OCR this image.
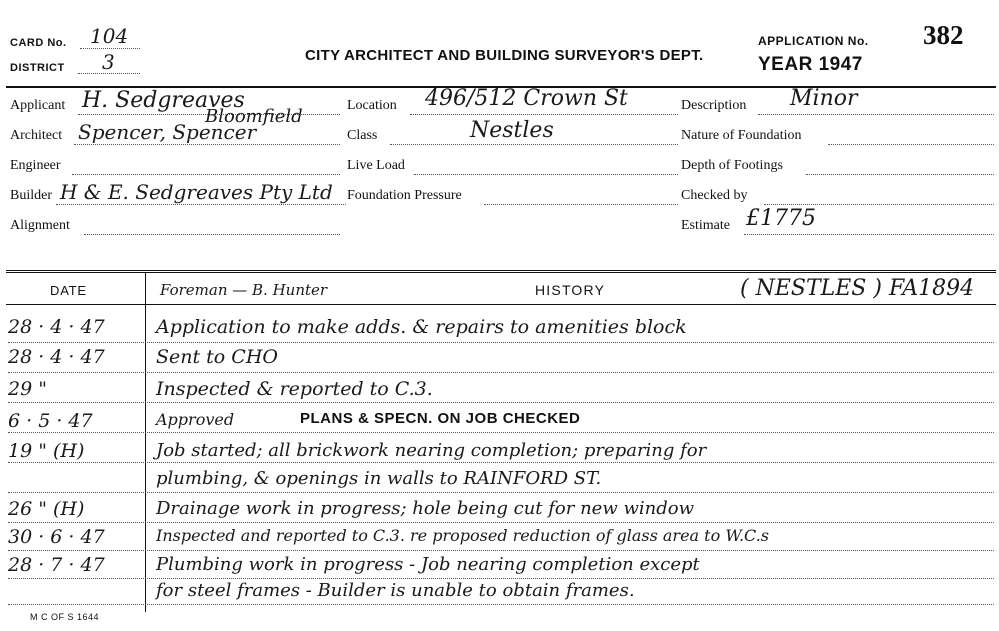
CARD No. 104
DISTRICT 3	CITY ARCHITECT AND BUILDING SURVEYOR'S DEPT.
APPLICATION No. 382
YEAR 1947
Applicant H. Sedgreaves
Bloomfield
Architect Spencer, Spencer
Engineer
Builder H & E. Sedgreaves Pty Ltd
Alignment
Location 496/512 Crown St
Class	Nestles
Live Load
Foundation Pressure
Description Minor
Nature of Foundation
Depth of Footings
Checked by
Estimate £1775
DATE	Foreman — B. Hunter	HISTORY	( NESTLES ) FA1894
28 · 4 · 47	Application to make adds. & repairs to amenities block
28 · 4 · 47	Sent to CHO
29 "	Inspected & reported to C.3.
6 · 5 · 47	Approved	PLANS & SPECN. ON JOB CHECKED
19 " (H)	Job started; all brickwork nearing completion; preparing for
plumbing, & openings in walls to RAINFORD ST.
26 " (H)	Drainage work in progress; hole being cut for new window
30 · 6 · 47	Inspected and reported to C.3. re proposed reduction of glass area to W.C.s
28 · 7 · 47	Plumbing work in progress - Job nearing completion except
for steel frames - Builder is unable to obtain frames.
M C OF S 1644
